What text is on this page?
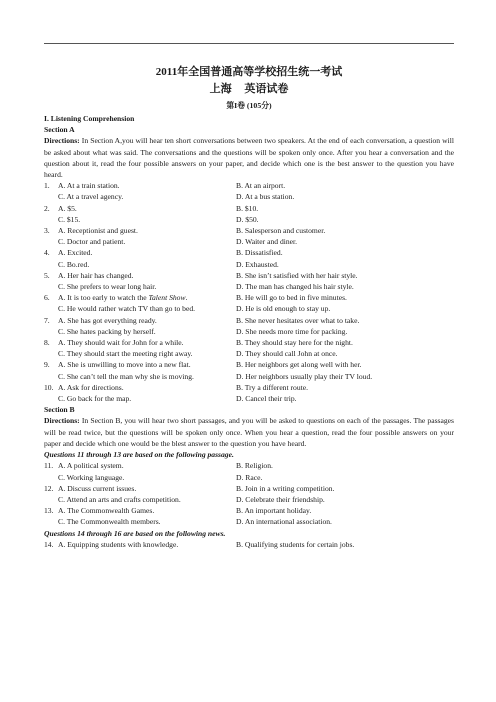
2011年全国普通高等学校招生统一考试
上海 英语试卷
第I卷 (105分)
I. Listening Comprehension
Section A
Directions: In Section A,you will hear ten short conversations between two speakers. At the end of each conversation, a question will be asked about what was said. The conversations and the questions will be spoken only once. After you hear a conversation and the question about it, read the four possible answers on your paper, and decide which one is the best answer to the question you have heard.
1.	A. At a train station.	B. At an airport.
C. At a travel agency.	D. At a bus station.
2.	A. $5.	B. $10.
C. $15.	D. $50.
3.	A. Receptionist and guest.	B. Salesperson and customer.
C. Doctor and patient.	D. Waiter and diner.
4.	A. Excited.	B. Dissatisfied.
C. Bo.red.	D. Exhausted.
5.	A. Her hair has changed.	B. She isn’t satisfied with her hair style.
C. She prefers to wear long hair.	D. The man has changed his hair style.
6.	A. It is too early to watch the Talent Show.	B. He will go to bed in five minutes.
C. He would rather watch TV than go to bed.	D. He is old enough to stay up.
7.	A. She has got everything ready.	B. She never hesitates over what to take.
C. She hates packing by herself.	D. She needs more time for packing.
8.	A. They should wait for John for a while.	B. They should stay here for the night.
C. They should start the meeting right away.	D. They should call John at once.
9.	A. She is unwilling to move into a new flat.	B. Her neighbors get along well with her.
C. She can’t tell the man why she is moving.	D. Her neighbors usually play their TV loud.
10. A. Ask for directions.	B. Try a different route.
C. Go back for the map.	D. Cancel their trip.
Section B
Directions: In Section B, you will hear two short passages, and you will be asked to questions on each of the passages. The passages will be read twice, but the questions will be spoken only once. When you hear a question, read the four possible answers on your paper and decide which one would be the blest answer to the question you have heard.
Questions 11 through 13 are based on the following passage.
11. A. A political system.	B. Religion.
C. Working language.	D. Race.
12. A. Discuss current issues.	B. Join in a writing competition.
C. Attend an arts and crafts competition.	D. Celebrate their friendship.
13. A. The Commonwealth Games.	B. An important holiday.
C. The Commonwealth members.	D. An international association.
Questions 14 through 16 are based on the following news.
14. A. Equipping students with knowledge.	B. Qualifying students for certain jobs.
